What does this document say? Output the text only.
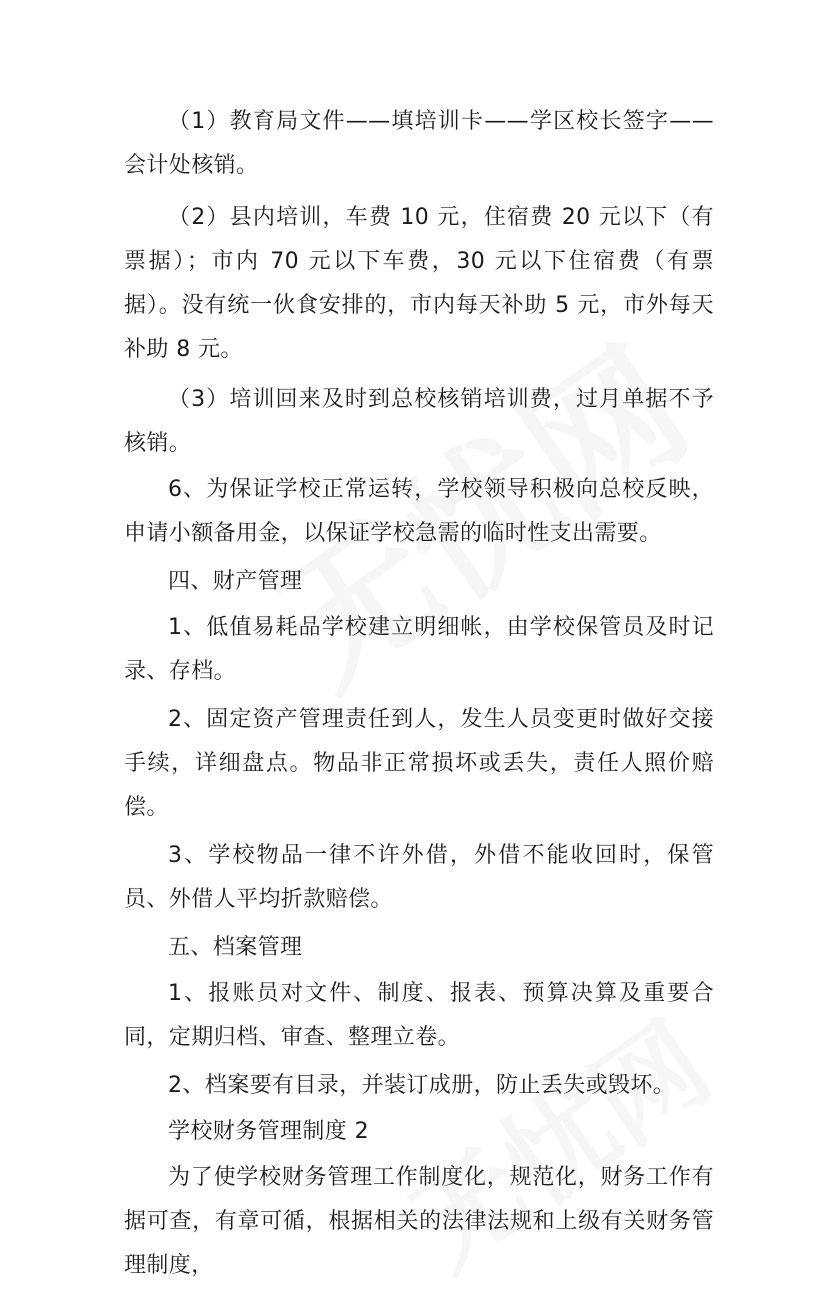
（1）教育局文件——填培训卡——学区校长签字——会计处核销。

（2）县内培训，车费 10 元，住宿费 20 元以下（有票据）；市内 70 元以下车费，30 元以下住宿费（有票据）。没有统一伙食安排的，市内每天补助 5 元，市外每天补助 8 元。

（3）培训回来及时到总校核销培训费，过月单据不予核销。

6、为保证学校正常运转，学校领导积极向总校反映，申请小额备用金，以保证学校急需的临时性支出需要。

四、财产管理

1、低值易耗品学校建立明细帐，由学校保管员及时记录、存档。

2、固定资产管理责任到人，发生人员变更时做好交接手续，详细盘点。物品非正常损坏或丢失，责任人照价赔偿。

3、学校物品一律不许外借，外借不能收回时，保管员、外借人平均折款赔偿。

五、档案管理

1、报账员对文件、制度、报表、预算决算及重要合同，定期归档、审查、整理立卷。

2、档案要有目录，并装订成册，防止丢失或毁坏。

学校财务管理制度 2

为了使学校财务管理工作制度化，规范化，财务工作有据可查，有章可循，根据相关的法律法规和上级有关财务管理制度，
